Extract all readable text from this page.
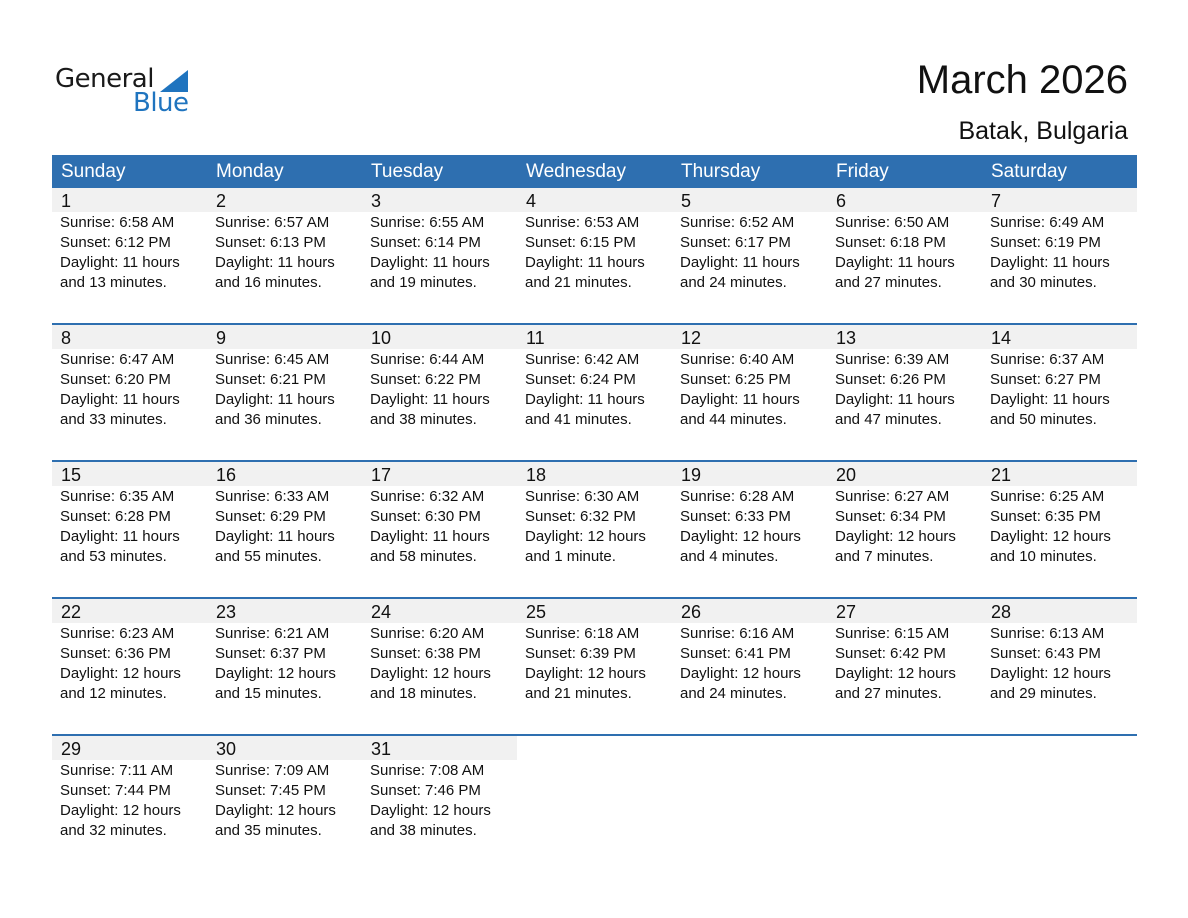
General
Blue
March 2026
Batak, Bulgaria
Sunday	Monday	Tuesday	Wednesday	Thursday	Friday	Saturday
1	2	3	4	5	6	7
Sunrise: 6:58 AM
Sunset: 6:12 PM
Daylight: 11 hours
and 13 minutes.
Sunrise: 6:57 AM
Sunset: 6:13 PM
Daylight: 11 hours
and 16 minutes.
Sunrise: 6:55 AM
Sunset: 6:14 PM
Daylight: 11 hours
and 19 minutes.
Sunrise: 6:53 AM
Sunset: 6:15 PM
Daylight: 11 hours
and 21 minutes.
Sunrise: 6:52 AM
Sunset: 6:17 PM
Daylight: 11 hours
and 24 minutes.
Sunrise: 6:50 AM
Sunset: 6:18 PM
Daylight: 11 hours
and 27 minutes.
Sunrise: 6:49 AM
Sunset: 6:19 PM
Daylight: 11 hours
and 30 minutes.
8	9	10	11	12	13	14
Sunrise: 6:47 AM
Sunset: 6:20 PM
Daylight: 11 hours
and 33 minutes.
Sunrise: 6:45 AM
Sunset: 6:21 PM
Daylight: 11 hours
and 36 minutes.
Sunrise: 6:44 AM
Sunset: 6:22 PM
Daylight: 11 hours
and 38 minutes.
Sunrise: 6:42 AM
Sunset: 6:24 PM
Daylight: 11 hours
and 41 minutes.
Sunrise: 6:40 AM
Sunset: 6:25 PM
Daylight: 11 hours
and 44 minutes.
Sunrise: 6:39 AM
Sunset: 6:26 PM
Daylight: 11 hours
and 47 minutes.
Sunrise: 6:37 AM
Sunset: 6:27 PM
Daylight: 11 hours
and 50 minutes.
15	16	17	18	19	20	21
Sunrise: 6:35 AM
Sunset: 6:28 PM
Daylight: 11 hours
and 53 minutes.
Sunrise: 6:33 AM
Sunset: 6:29 PM
Daylight: 11 hours
and 55 minutes.
Sunrise: 6:32 AM
Sunset: 6:30 PM
Daylight: 11 hours
and 58 minutes.
Sunrise: 6:30 AM
Sunset: 6:32 PM
Daylight: 12 hours
and 1 minute.
Sunrise: 6:28 AM
Sunset: 6:33 PM
Daylight: 12 hours
and 4 minutes.
Sunrise: 6:27 AM
Sunset: 6:34 PM
Daylight: 12 hours
and 7 minutes.
Sunrise: 6:25 AM
Sunset: 6:35 PM
Daylight: 12 hours
and 10 minutes.
22	23	24	25	26	27	28
Sunrise: 6:23 AM
Sunset: 6:36 PM
Daylight: 12 hours
and 12 minutes.
Sunrise: 6:21 AM
Sunset: 6:37 PM
Daylight: 12 hours
and 15 minutes.
Sunrise: 6:20 AM
Sunset: 6:38 PM
Daylight: 12 hours
and 18 minutes.
Sunrise: 6:18 AM
Sunset: 6:39 PM
Daylight: 12 hours
and 21 minutes.
Sunrise: 6:16 AM
Sunset: 6:41 PM
Daylight: 12 hours
and 24 minutes.
Sunrise: 6:15 AM
Sunset: 6:42 PM
Daylight: 12 hours
and 27 minutes.
Sunrise: 6:13 AM
Sunset: 6:43 PM
Daylight: 12 hours
and 29 minutes.
29	30	31
Sunrise: 7:11 AM
Sunset: 7:44 PM
Daylight: 12 hours
and 32 minutes.
Sunrise: 7:09 AM
Sunset: 7:45 PM
Daylight: 12 hours
and 35 minutes.
Sunrise: 7:08 AM
Sunset: 7:46 PM
Daylight: 12 hours
and 38 minutes.
